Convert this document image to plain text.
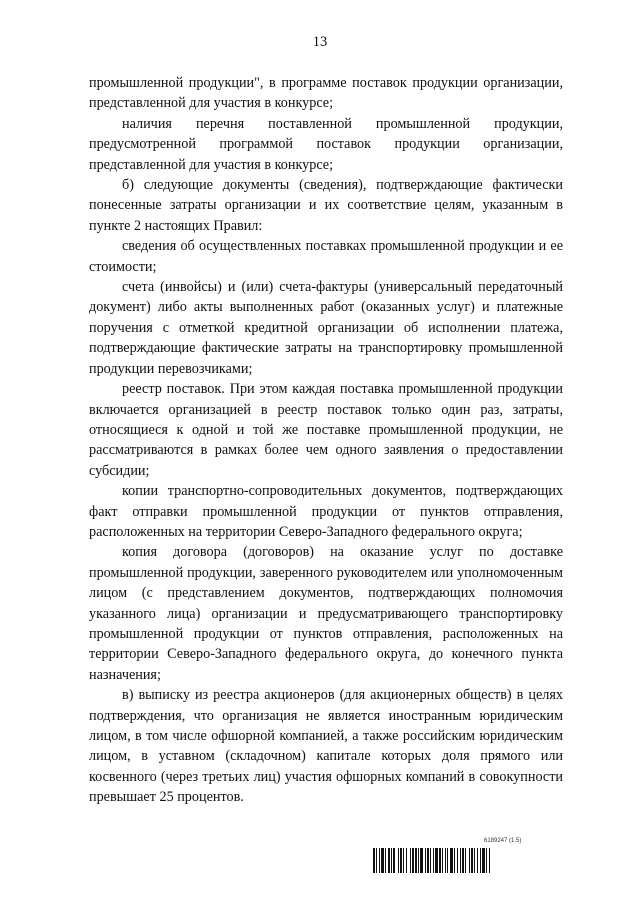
13

промышленной продукции", в программе поставок продукции организации, представленной для участия в конкурсе;

наличия перечня поставленной промышленной продукции, предусмотренной программой поставок продукции организации, представленной для участия в конкурсе;

б) следующие документы (сведения), подтверждающие фактически понесенные затраты организации и их соответствие целям, указанным в пункте 2 настоящих Правил:

сведения об осуществленных поставках промышленной продукции и ее стоимости;

счета (инвойсы) и (или) счета-фактуры (универсальный передаточный документ) либо акты выполненных работ (оказанных услуг) и платежные поручения с отметкой кредитной организации об исполнении платежа, подтверждающие фактические затраты на транспортировку промышленной продукции перевозчиками;

реестр поставок. При этом каждая поставка промышленной продукции включается организацией в реестр поставок только один раз, затраты, относящиеся к одной и той же поставке промышленной продукции, не рассматриваются в рамках более чем одного заявления о предоставлении субсидии;

копии транспортно-сопроводительных документов, подтверждающих факт отправки промышленной продукции от пунктов отправления, расположенных на территории Северо-Западного федерального округа;

копия договора (договоров) на оказание услуг по доставке промышленной продукции, заверенного руководителем или уполномоченным лицом (с представлением документов, подтверждающих полномочия указанного лица) организации и предусматривающего транспортировку промышленной продукции от пунктов отправления, расположенных на территории Северо-Западного федерального округа, до конечного пункта назначения;

в) выписку из реестра акционеров (для акционерных обществ) в целях подтверждения, что организация не является иностранным юридическим лицом, в том числе офшорной компанией, а также российским юридическим лицом, в уставном (складочном) капитале которых доля прямого или косвенного (через третьих лиц) участия офшорных компаний в совокупности превышает 25 процентов.

6189247 (1.5)
